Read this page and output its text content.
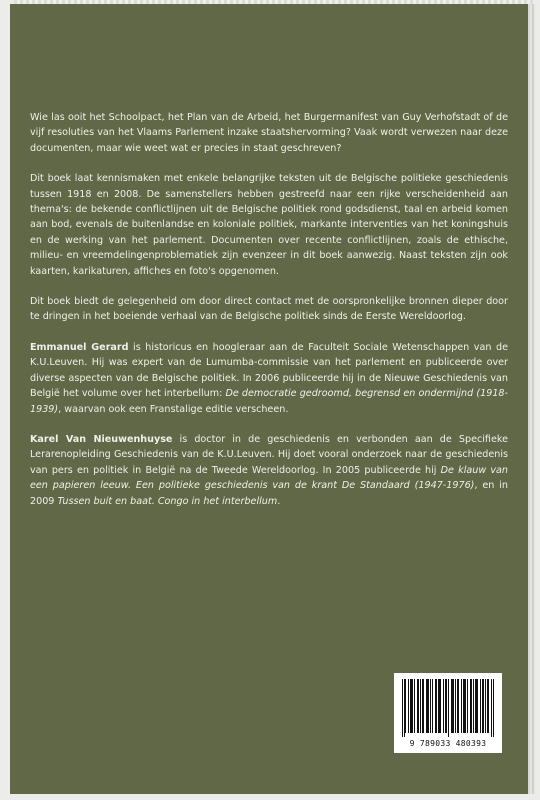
Wie las ooit het Schoolpact, het Plan van de Arbeid, het Burgermanifest van Guy Verhofstadt of de vijf resoluties van het Vlaams Parlement inzake staatshervorming? Vaak wordt verwezen naar deze documenten, maar wie weet wat er precies in staat geschreven?

Dit boek laat kennismaken met enkele belangrijke teksten uit de Belgische politieke geschiedenis tussen 1918 en 2008. De samenstellers hebben gestreefd naar een rijke verscheidenheid aan thema's: de bekende conflictlijnen uit de Belgische politiek rond godsdienst, taal en arbeid komen aan bod, evenals de buitenlandse en koloniale politiek, markante interventies van het koningshuis en de werking van het parlement. Documenten over recente conflictlijnen, zoals de ethische, milieu- en vreemdelingenproblematiek zijn evenzeer in dit boek aanwezig. Naast teksten zijn ook kaarten, karikaturen, affiches en foto's opgenomen.

Dit boek biedt de gelegenheid om door direct contact met de oorspronkelijke bronnen dieper door te dringen in het boeiende verhaal van de Belgische politiek sinds de Eerste Wereldoorlog.

Emmanuel Gerard is historicus en hoogleraar aan de Faculteit Sociale Wetenschappen van de K.U.Leuven. Hij was expert van de Lumumba-commissie van het parlement en publiceerde over diverse aspecten van de Belgische politiek. In 2006 publiceerde hij in de Nieuwe Geschiedenis van België het volume over het interbellum: De democratie gedroomd, begrensd en ondermijnd (1918-1939), waarvan ook een Franstalige editie verscheen.

Karel Van Nieuwenhuyse is doctor in de geschiedenis en verbonden aan de Specifieke Lerarenopleiding Geschiedenis van de K.U.Leuven. Hij doet vooral onderzoek naar de geschiedenis van pers en politiek in België na de Tweede Wereldoorlog. In 2005 publiceerde hij De klauw van een papieren leeuw. Een politieke geschiedenis van de krant De Standaard (1947-1976), en in 2009 Tussen buit en baat. Congo in het interbellum.

9 789033 480393
